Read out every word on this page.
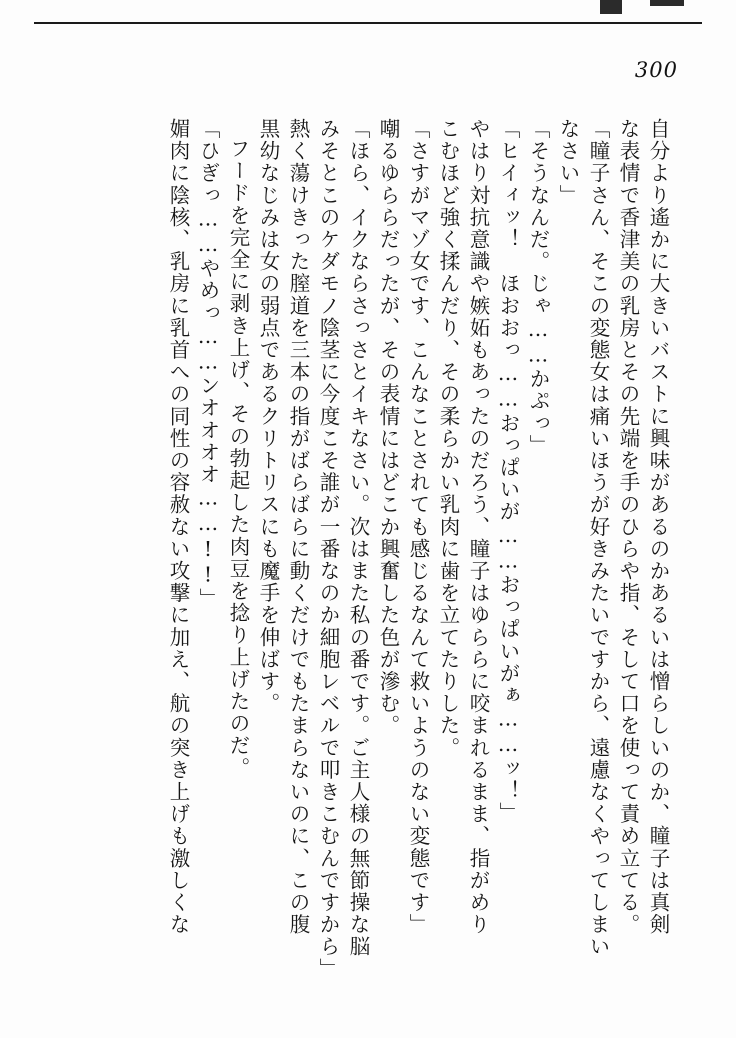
300
自分より遙かに大きいバストに興味があるのかあるいは憎らしいのか、瞳子は真剣
な表情で香津美の乳房とその先端を手のひらや指、そして口を使って責め立てる。
「瞳子さん、そこの変態女は痛いほうが好きみたいですから、遠慮なくやってしまい
なさい」
「そうなんだ。じゃ……かぷっ」
「ヒイィッ！　ほおおっ……おっぱいが……おっぱいがぁ……ッ！」
やはり対抗意識や嫉妬もあったのだろう、瞳子はゆららに咬まれるまま、指がめり
こむほど強く揉んだり、その柔らかい乳肉に歯を立てたりした。
「さすがマゾ女です、こんなことされても感じるなんて救いようのない変態です」
嘲るゆららだったが、その表情にはどこか興奮した色が滲む。
「ほら、イクならさっさとイキなさい。次はまた私の番です。ご主人様の無節操な脳
みそとこのケダモノ陰茎に今度こそ誰が一番なのか細胞レベルで叩きこむんですから」
熱く蕩けきった膣道を三本の指がばらばらに動くだけでもたまらないのに、この腹
黒幼なじみは女の弱点であるクリトリスにも魔手を伸ばす。
フードを完全に剥き上げ、その勃起した肉豆を捻り上げたのだ。
「ひぎっ……やめっ……ンオオオオ……!!」
媚肉に陰核、乳房に乳首への同性の容赦ない攻撃に加え、航の突き上げも激しくな
